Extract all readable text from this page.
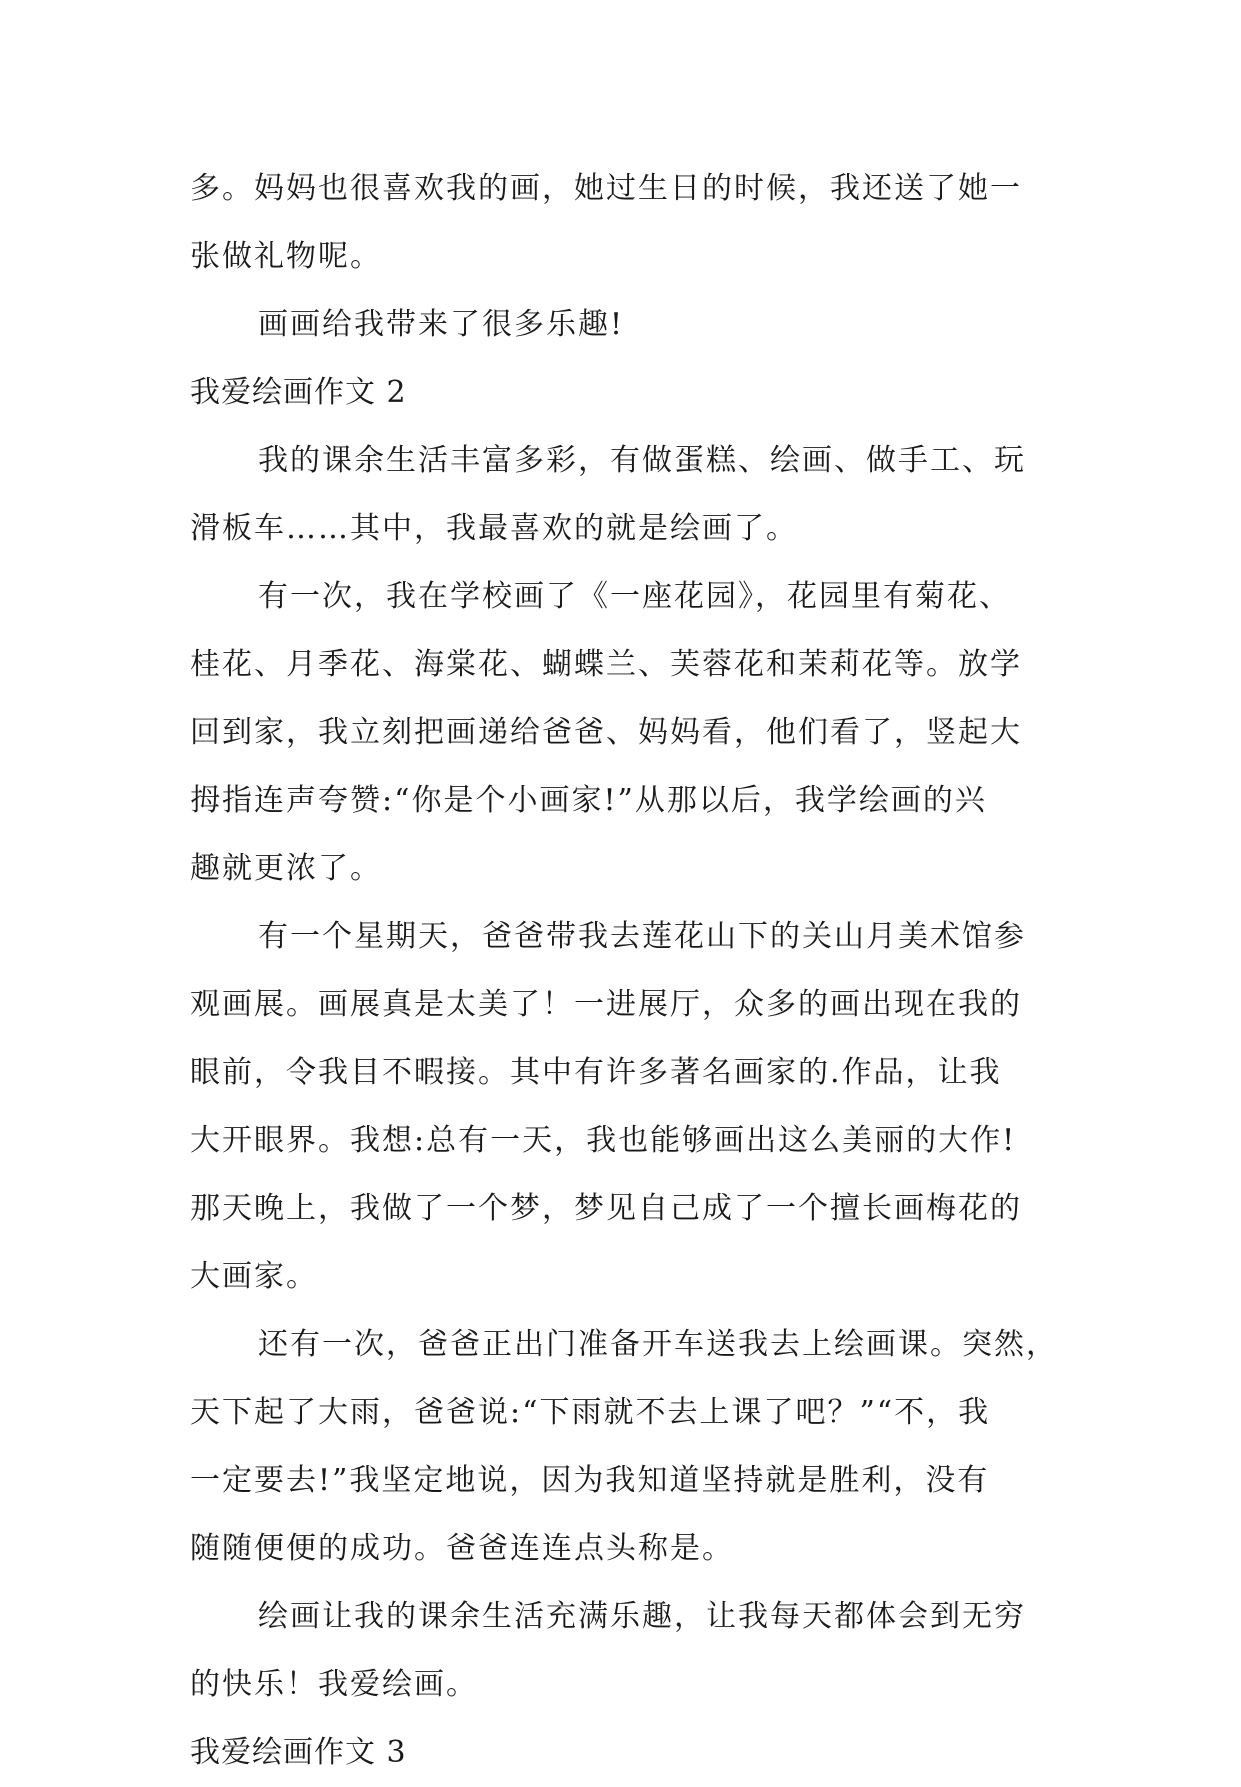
多。妈妈也很喜欢我的画，她过生日的时候，我还送了她一
张做礼物呢。
画画给我带来了很多乐趣!
我爱绘画作文 2
我的课余生活丰富多彩，有做蛋糕、绘画、做手工、玩
滑板车……其中，我最喜欢的就是绘画了。
有一次，我在学校画了《一座花园》，花园里有菊花、
桂花、月季花、海棠花、蝴蝶兰、芙蓉花和茉莉花等。放学
回到家，我立刻把画递给爸爸、妈妈看，他们看了，竖起大
拇指连声夸赞:“你是个小画家!”从那以后，我学绘画的兴
趣就更浓了。
有一个星期天，爸爸带我去莲花山下的关山月美术馆参
观画展。画展真是太美了！一进展厅，众多的画出现在我的
眼前，令我目不暇接。其中有许多著名画家的.作品，让我
大开眼界。我想:总有一天，我也能够画出这么美丽的大作!
那天晚上，我做了一个梦，梦见自己成了一个擅长画梅花的
大画家。
还有一次，爸爸正出门准备开车送我去上绘画课。突然，
天下起了大雨，爸爸说:“下雨就不去上课了吧？”“不，我
一定要去!”我坚定地说，因为我知道坚持就是胜利，没有
随随便便的成功。爸爸连连点头称是。
绘画让我的课余生活充满乐趣，让我每天都体会到无穷
的快乐！我爱绘画。
我爱绘画作文 3
